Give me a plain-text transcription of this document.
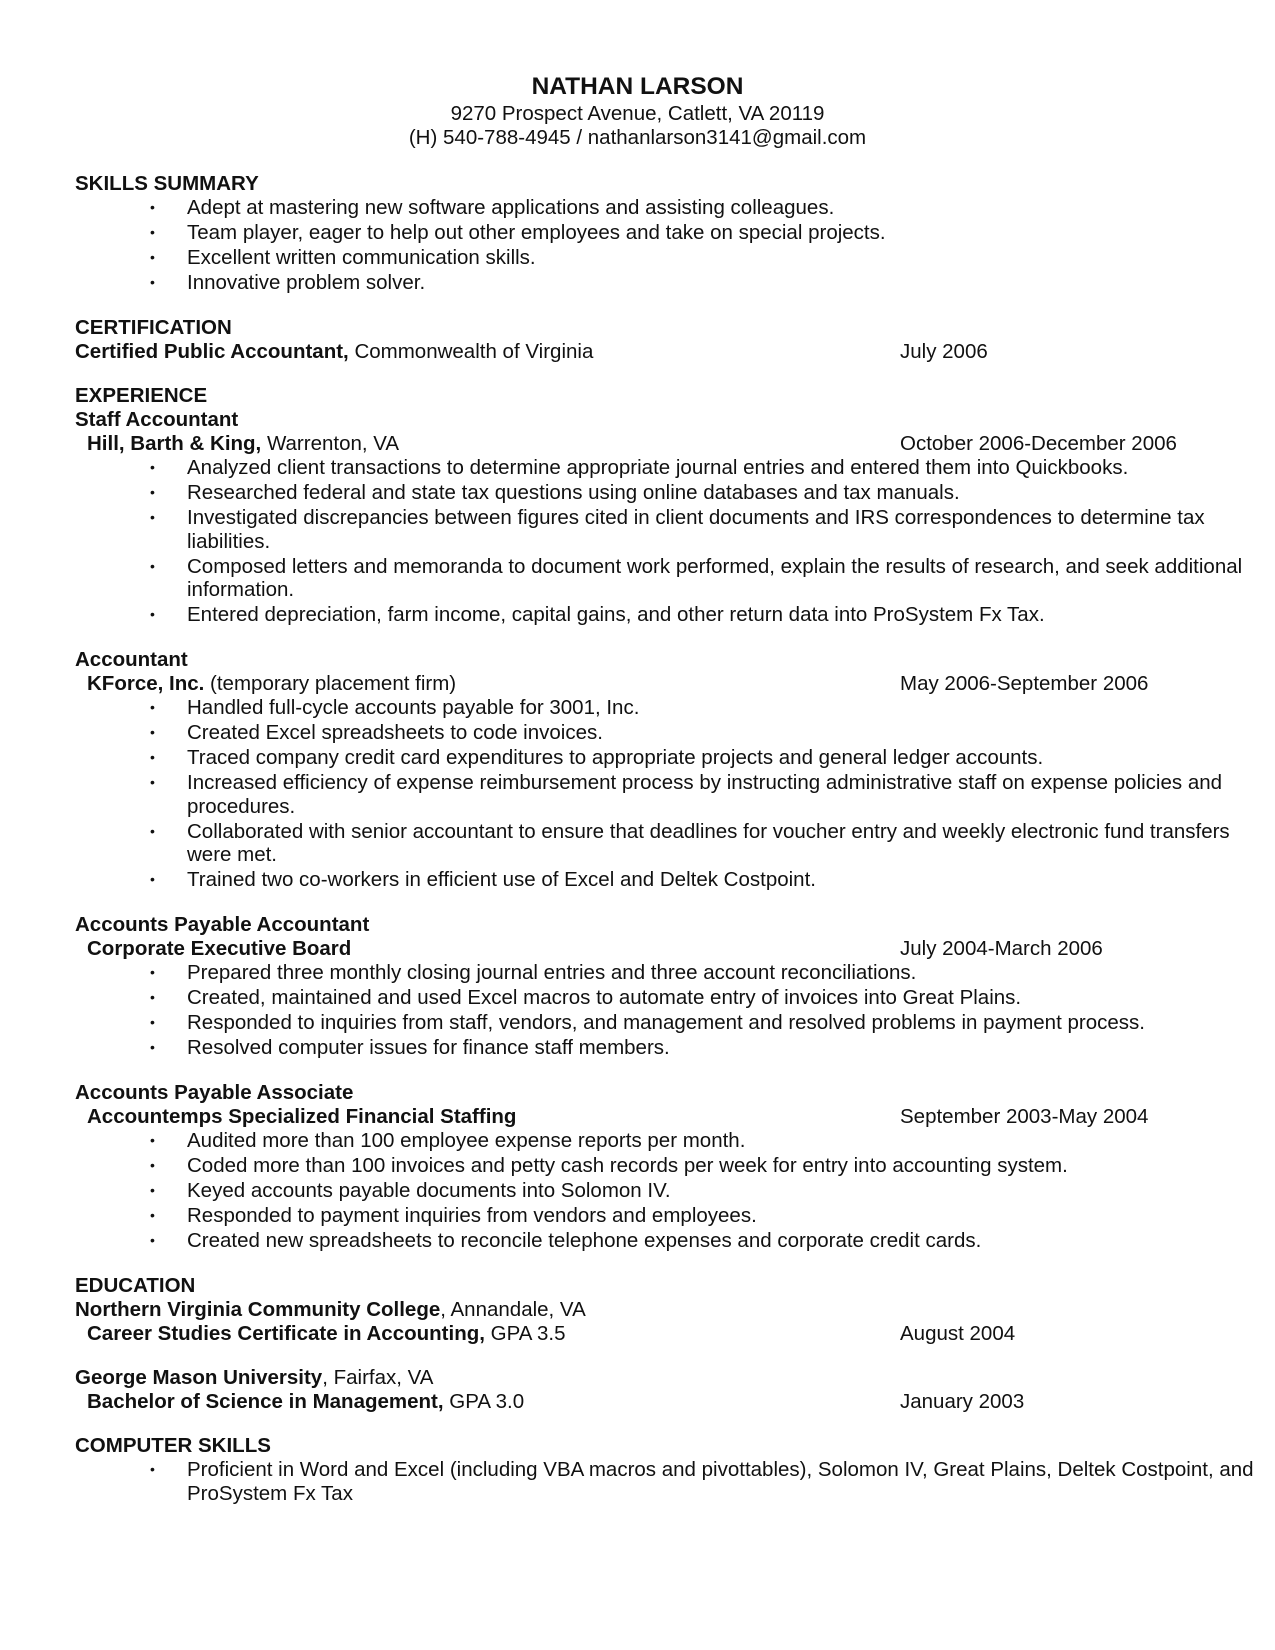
NATHAN LARSON
9270 Prospect Avenue, Catlett, VA 20119
(H) 540-788-4945 / nathanlarson3141@gmail.com
SKILLS SUMMARY
• Adept at mastering new software applications and assisting colleagues.
• Team player, eager to help out other employees and take on special projects.
• Excellent written communication skills.
• Innovative problem solver.
CERTIFICATION
Certified Public Accountant, Commonwealth of Virginia	July 2006
EXPERIENCE
Staff Accountant
Hill, Barth & King, Warrenton, VA	October 2006-December 2006
• Analyzed client transactions to determine appropriate journal entries and entered them into Quickbooks.
• Researched federal and state tax questions using online databases and tax manuals.
• Investigated discrepancies between figures cited in client documents and IRS correspondences to determine tax liabilities.
• Composed letters and memoranda to document work performed, explain the results of research, and seek additional information.
• Entered depreciation, farm income, capital gains, and other return data into ProSystem Fx Tax.
Accountant
KForce, Inc. (temporary placement firm)	May 2006-September 2006
• Handled full-cycle accounts payable for 3001, Inc.
• Created Excel spreadsheets to code invoices.
• Traced company credit card expenditures to appropriate projects and general ledger accounts.
• Increased efficiency of expense reimbursement process by instructing administrative staff on expense policies and procedures.
• Collaborated with senior accountant to ensure that deadlines for voucher entry and weekly electronic fund transfers were met.
• Trained two co-workers in efficient use of Excel and Deltek Costpoint.
Accounts Payable Accountant
Corporate Executive Board	July 2004-March 2006
• Prepared three monthly closing journal entries and three account reconciliations.
• Created, maintained and used Excel macros to automate entry of invoices into Great Plains.
• Responded to inquiries from staff, vendors, and management and resolved problems in payment process.
• Resolved computer issues for finance staff members.
Accounts Payable Associate
Accountemps Specialized Financial Staffing	September 2003-May 2004
• Audited more than 100 employee expense reports per month.
• Coded more than 100 invoices and petty cash records per week for entry into accounting system.
• Keyed accounts payable documents into Solomon IV.
• Responded to payment inquiries from vendors and employees.
• Created new spreadsheets to reconcile telephone expenses and corporate credit cards.
EDUCATION
Northern Virginia Community College, Annandale, VA
Career Studies Certificate in Accounting, GPA 3.5	August 2004
George Mason University, Fairfax, VA
Bachelor of Science in Management, GPA 3.0	January 2003
COMPUTER SKILLS
• Proficient in Word and Excel (including VBA macros and pivottables), Solomon IV, Great Plains, Deltek Costpoint, and ProSystem Fx Tax
